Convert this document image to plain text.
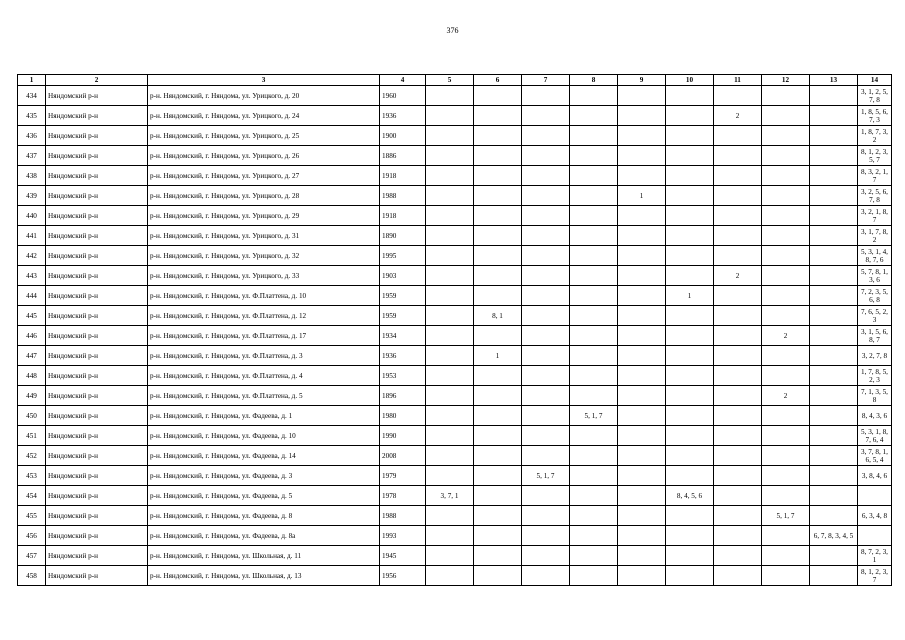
376
1	2	3	4	5	6	7	8	9	10	11	12	13	14
434	Няндомский р-н	р-н. Няндомский, г. Няндома, ул. Урицкого, д. 20	1960										3, 1, 2, 5, 7, 8
435	Няндомский р-н	р-н. Няндомский, г. Няндома, ул. Урицкого, д. 24	1936							2			1, 8, 5, 6, 7, 3
436	Няндомский р-н	р-н. Няндомский, г. Няндома, ул. Урицкого, д. 25	1900										1, 8, 7, 3, 2
437	Няндомский р-н	р-н. Няндомский, г. Няндома, ул. Урицкого, д. 26	1886										8, 1, 2, 3, 5, 7
438	Няндомский р-н	р-н. Няндомский, г. Няндома, ул. Урицкого, д. 27	1918										8, 3, 2, 1, 7
439	Няндомский р-н	р-н. Няндомский, г. Няндома, ул. Урицкого, д. 28	1988					1					3, 2, 5, 6, 7, 8
440	Няндомский р-н	р-н. Няндомский, г. Няндома, ул. Урицкого, д. 29	1918										3, 2, 1, 8, 7
441	Няндомский р-н	р-н. Няндомский, г. Няндома, ул. Урицкого, д. 31	1890										3, 1, 7, 8, 2
442	Няндомский р-н	р-н. Няндомский, г. Няндома, ул. Урицкого, д. 32	1995										5, 3, 1, 4, 8, 7, 6
443	Няндомский р-н	р-н. Няндомский, г. Няндома, ул. Урицкого, д. 33	1903							2			5, 7, 8, 1, 3, 6
444	Няндомский р-н	р-н. Няндомский, г. Няндома, ул. Ф.Платтена, д. 10	1959						1				7, 2, 3, 5, 6, 8
445	Няндомский р-н	р-н. Няндомский, г. Няндома, ул. Ф.Платтена, д. 12	1959		8, 1								7, 6, 5, 2, 3
446	Няндомский р-н	р-н. Няндомский, г. Няндома, ул. Ф.Платтена, д. 17	1934								2		3, 1, 5, 6, 8, 7
447	Няндомский р-н	р-н. Няндомский, г. Няндома, ул. Ф.Платтена, д. 3	1936		1								3, 2, 7, 8
448	Няндомский р-н	р-н. Няндомский, г. Няндома, ул. Ф.Платтена, д. 4	1953										1, 7, 8, 5, 2, 3
449	Няндомский р-н	р-н. Няндомский, г. Няндома, ул. Ф.Платтена, д. 5	1896								2		7, 1, 3, 5, 8
450	Няндомский р-н	р-н. Няндомский, г. Няндома, ул. Фадеева, д. 1	1980				5, 1, 7						8, 4, 3, 6
451	Няндомский р-н	р-н. Няндомский, г. Няндома, ул. Фадеева, д. 10	1990										5, 3, 1, 8, 7, 6, 4
452	Няндомский р-н	р-н. Няндомский, г. Няндома, ул. Фадеева, д. 14	2008										3, 7, 8, 1, 6, 5, 4
453	Няндомский р-н	р-н. Няндомский, г. Няндома, ул. Фадеева, д. 3	1979			5, 1, 7							3, 8, 4, 6
454	Няндомский р-н	р-н. Няндомский, г. Няндома, ул. Фадеева, д. 5	1978	3, 7, 1					8, 4, 5, 6				
455	Няндомский р-н	р-н. Няндомский, г. Няндома, ул. Фадеева, д. 8	1988								5, 1, 7		6, 3, 4, 8
456	Няндомский р-н	р-н. Няндомский, г. Няндома, ул. Фадеева, д. 8а	1993									6, 7, 8, 3, 4, 5	
457	Няндомский р-н	р-н. Няндомский, г. Няндома, ул. Школьная, д. 11	1945										8, 7, 2, 3, 1
458	Няндомский р-н	р-н. Няндомский, г. Няндома, ул. Школьная, д. 13	1956										8, 1, 2, 3, 7
